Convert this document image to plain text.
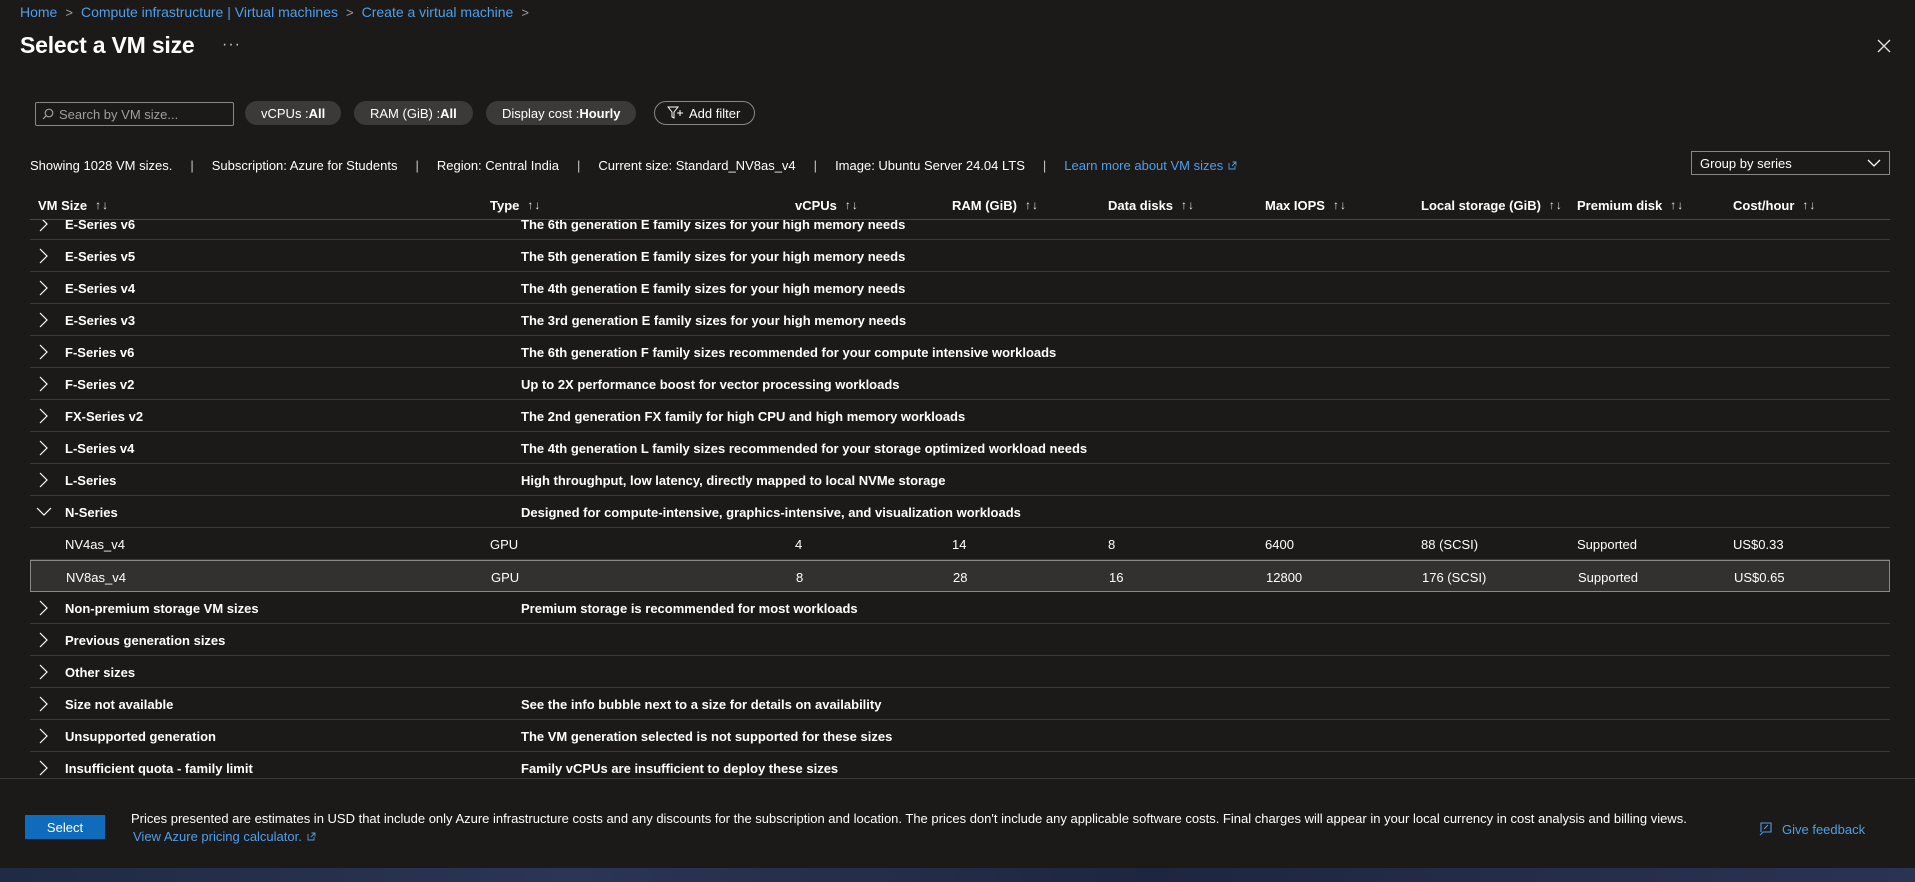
Home > Compute infrastructure | Virtual machines > Create a virtual machine >
Select a VM size ···
Search by VM size...
vCPUs : All	RAM (GiB) : All	Display cost : Hourly	Add filter
Showing 1028 VM sizes. | Subscription: Azure for Students | Region: Central India | Current size: Standard_NV8as_v4 | Image: Ubuntu Server 24.04 LTS | Learn more about VM sizes	Group by series
VM Size ↑↓	Type ↑↓	vCPUs ↑↓	RAM (GiB) ↑↓	Data disks ↑↓	Max IOPS ↑↓	Local storage (GiB) ↑↓ Premium disk ↑↓	Cost/hour ↑↓
E-Series v6	The 6th generation E family sizes for your high memory needs
E-Series v5	The 5th generation E family sizes for your high memory needs
E-Series v4	The 4th generation E family sizes for your high memory needs
E-Series v3	The 3rd generation E family sizes for your high memory needs
F-Series v6	The 6th generation F family sizes recommended for your compute intensive workloads
F-Series v2	Up to 2X performance boost for vector processing workloads
FX-Series v2	The 2nd generation FX family for high CPU and high memory workloads
L-Series v4	The 4th generation L family sizes recommended for your storage optimized workload needs
L-Series	High throughput, low latency, directly mapped to local NVMe storage
N-Series	Designed for compute-intensive, graphics-intensive, and visualization workloads
NV4as_v4	GPU	4	14	8	6400	88 (SCSI)	Supported	US$0.33
NV8as_v4	GPU	8	28	16	12800	176 (SCSI)	Supported	US$0.65
Non-premium storage VM sizes	Premium storage is recommended for most workloads
Previous generation sizes
Other sizes
Size not available	See the info bubble next to a size for details on availability
Unsupported generation	The VM generation selected is not supported for these sizes
Insufficient quota - family limit	Family vCPUs are insufficient to deploy these sizes
Select
Prices presented are estimates in USD that include only Azure infrastructure costs and any discounts for the subscription and location. The prices don't include any applicable software costs. Final charges will appear in your local currency in cost analysis and billing views.
View Azure pricing calculator.	Give feedback
